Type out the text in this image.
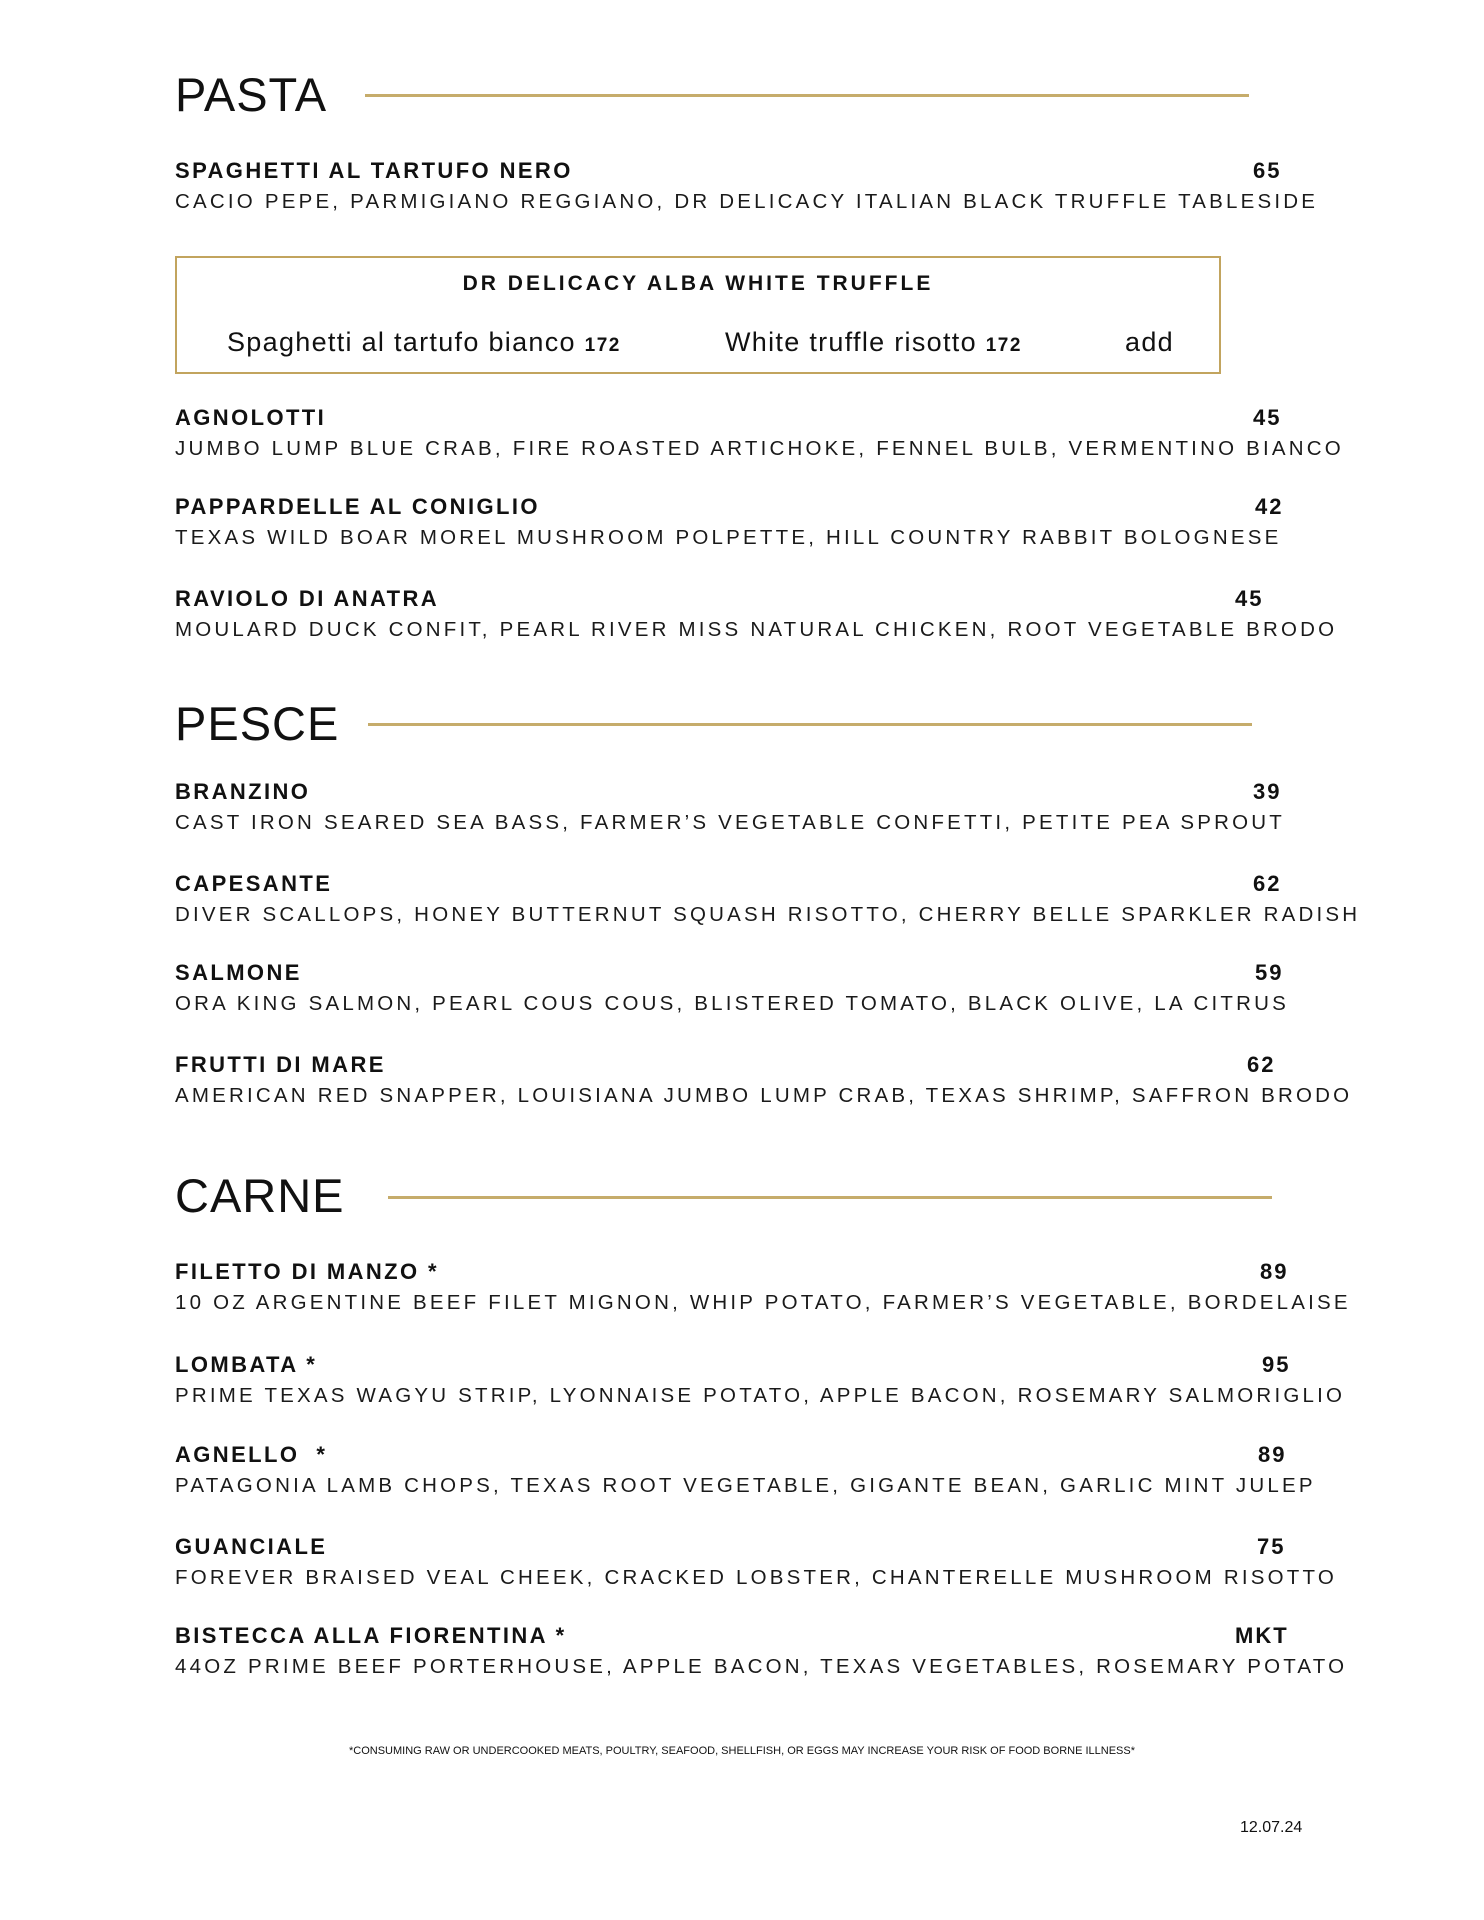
PASTA
SPAGHETTI AL TARTUFO NERO	65
CACIO PEPE, PARMIGIANO REGGIANO, DR DELICACY ITALIAN BLACK TRUFFLE TABLESIDE
DR DELICACY ALBA WHITE TRUFFLE
Spaghetti al tartufo bianco 172	White truffle risotto 172	add
AGNOLOTTI	45
JUMBO LUMP BLUE CRAB, FIRE ROASTED ARTICHOKE, FENNEL BULB, VERMENTINO BIANCO
PAPPARDELLE AL CONIGLIO	42
TEXAS WILD BOAR MOREL MUSHROOM POLPETTE, HILL COUNTRY RABBIT BOLOGNESE
RAVIOLO DI ANATRA	45
MOULARD DUCK CONFIT, PEARL RIVER MISS NATURAL CHICKEN, ROOT VEGETABLE BRODO
PESCE
BRANZINO	39
CAST IRON SEARED SEA BASS, FARMER’S VEGETABLE CONFETTI, PETITE PEA SPROUT
CAPESANTE	62
DIVER SCALLOPS, HONEY BUTTERNUT SQUASH RISOTTO, CHERRY BELLE SPARKLER RADISH
SALMONE	59
ORA KING SALMON, PEARL COUS COUS, BLISTERED TOMATO, BLACK OLIVE, LA CITRUS
FRUTTI DI MARE	62
AMERICAN RED SNAPPER, LOUISIANA JUMBO LUMP CRAB, TEXAS SHRIMP, SAFFRON BRODO
CARNE
FILETTO DI MANZO *	89
10 OZ ARGENTINE BEEF FILET MIGNON, WHIP POTATO, FARMER’S VEGETABLE, BORDELAISE
LOMBATA *	95
PRIME TEXAS WAGYU STRIP, LYONNAISE POTATO, APPLE BACON, ROSEMARY SALMORIGLIO
AGNELLO  *	89
PATAGONIA LAMB CHOPS, TEXAS ROOT VEGETABLE, GIGANTE BEAN, GARLIC MINT JULEP
GUANCIALE	75
FOREVER BRAISED VEAL CHEEK, CRACKED LOBSTER, CHANTERELLE MUSHROOM RISOTTO
BISTECCA ALLA FIORENTINA *	MKT
44OZ PRIME BEEF PORTERHOUSE, APPLE BACON, TEXAS VEGETABLES, ROSEMARY POTATO
*CONSUMING RAW OR UNDERCOOKED MEATS, POULTRY, SEAFOOD, SHELLFISH, OR EGGS MAY INCREASE YOUR RISK OF FOOD BORNE ILLNESS*
12.07.24
